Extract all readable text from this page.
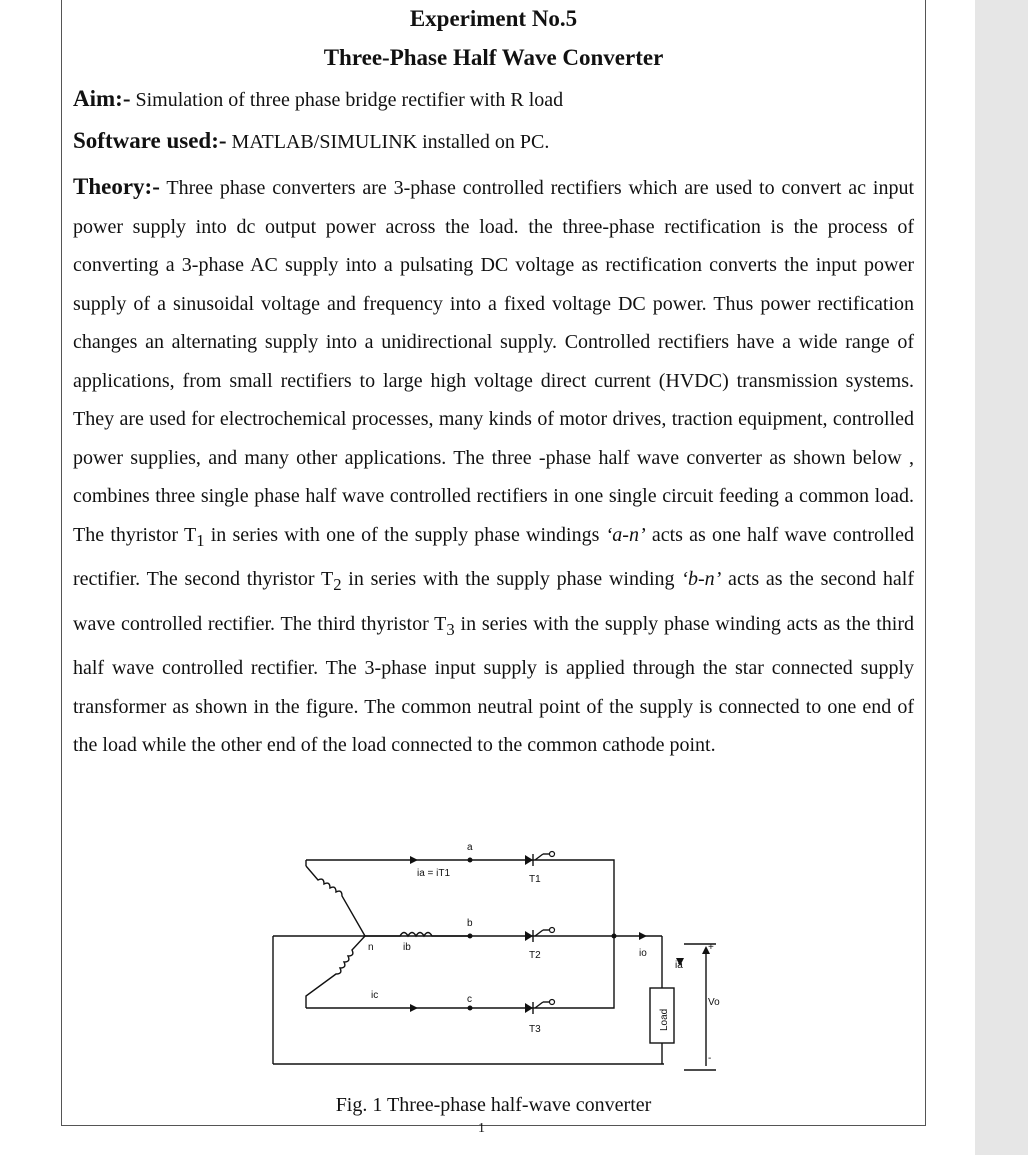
Experiment No.5
Three-Phase Half Wave Converter

Aim:- Simulation of three phase bridge rectifier with R load

Software used:- MATLAB/SIMULINK installed on PC.

Theory:- Three phase converters are 3-phase controlled rectifiers which are used to convert ac input power supply into dc output power across the load. the three-phase rectification is the process of converting a 3-phase AC supply into a pulsating DC voltage as rectification converts the input power supply of a sinusoidal voltage and frequency into a fixed voltage DC power. Thus power rectification changes an alternating supply into a unidirectional supply. Controlled rectifiers have a wide range of applications, from small rectifiers to large high voltage direct current (HVDC) transmission systems. They are used for electrochemical processes, many kinds of motor drives, traction equipment, controlled power supplies, and many other applications. The three -phase half wave converter as shown below , combines three single phase half wave controlled rectifiers in one single circuit feeding a common load. The thyristor $T_1$ in series with one of the supply phase windings ‘a-n’ acts as one half wave controlled rectifier. The second thyristor $T_2$ in series with the supply phase winding ‘b-n’ acts as the second half wave controlled rectifier. The third thyristor $T_3$ in series with the supply phase winding acts as the third half wave controlled rectifier. The 3-phase input supply is applied through the star connected supply transformer as shown in the figure. The common neutral point of the supply is connected to one end of the load while the other end of the load connected to the common cathode point.

a
b
c
n
ia = iT1
ib
ic
T1
T2
T3
io
ia
+
-
Vo
Load

Fig. 1 Three-phase half-wave converter

1
